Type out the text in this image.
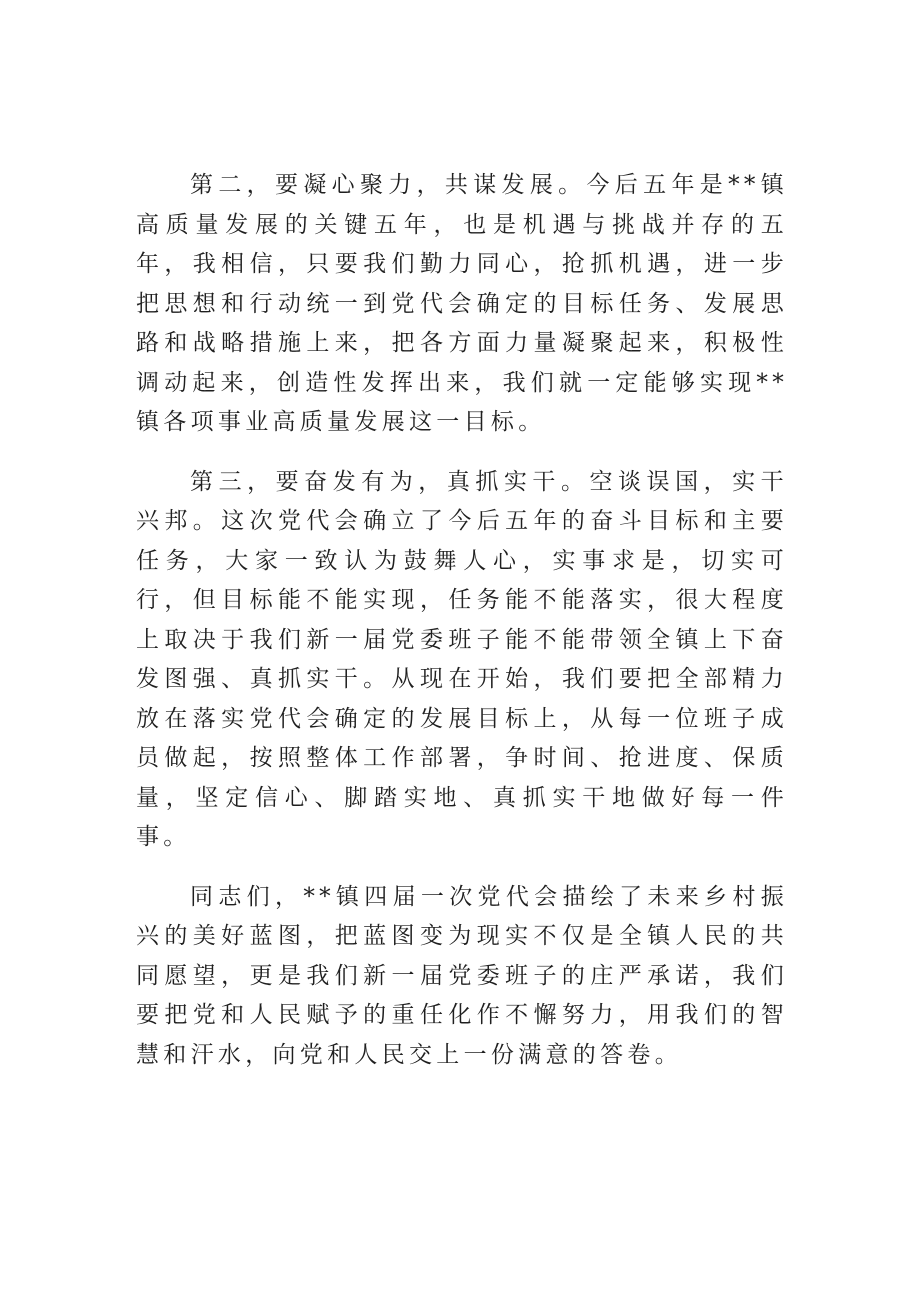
第二，要凝心聚力，共谋发展。今后五年是**镇高质量发展的关键五年，也是机遇与挑战并存的五年，我相信，只要我们勤力同心，抢抓机遇，进一步把思想和行动统一到党代会确定的目标任务、发展思路和战略措施上来，把各方面力量凝聚起来，积极性调动起来，创造性发挥出来，我们就一定能够实现**镇各项事业高质量发展这一目标。

第三，要奋发有为，真抓实干。空谈误国，实干兴邦。这次党代会确立了今后五年的奋斗目标和主要任务，大家一致认为鼓舞人心，实事求是，切实可行，但目标能不能实现，任务能不能落实，很大程度上取决于我们新一届党委班子能不能带领全镇上下奋发图强、真抓实干。从现在开始，我们要把全部精力放在落实党代会确定的发展目标上，从每一位班子成员做起，按照整体工作部署，争时间、抢进度、保质量，坚定信心、脚踏实地、真抓实干地做好每一件事。

同志们，**镇四届一次党代会描绘了未来乡村振兴的美好蓝图，把蓝图变为现实不仅是全镇人民的共同愿望，更是我们新一届党委班子的庄严承诺，我们要把党和人民赋予的重任化作不懈努力，用我们的智慧和汗水，向党和人民交上一份满意的答卷。
